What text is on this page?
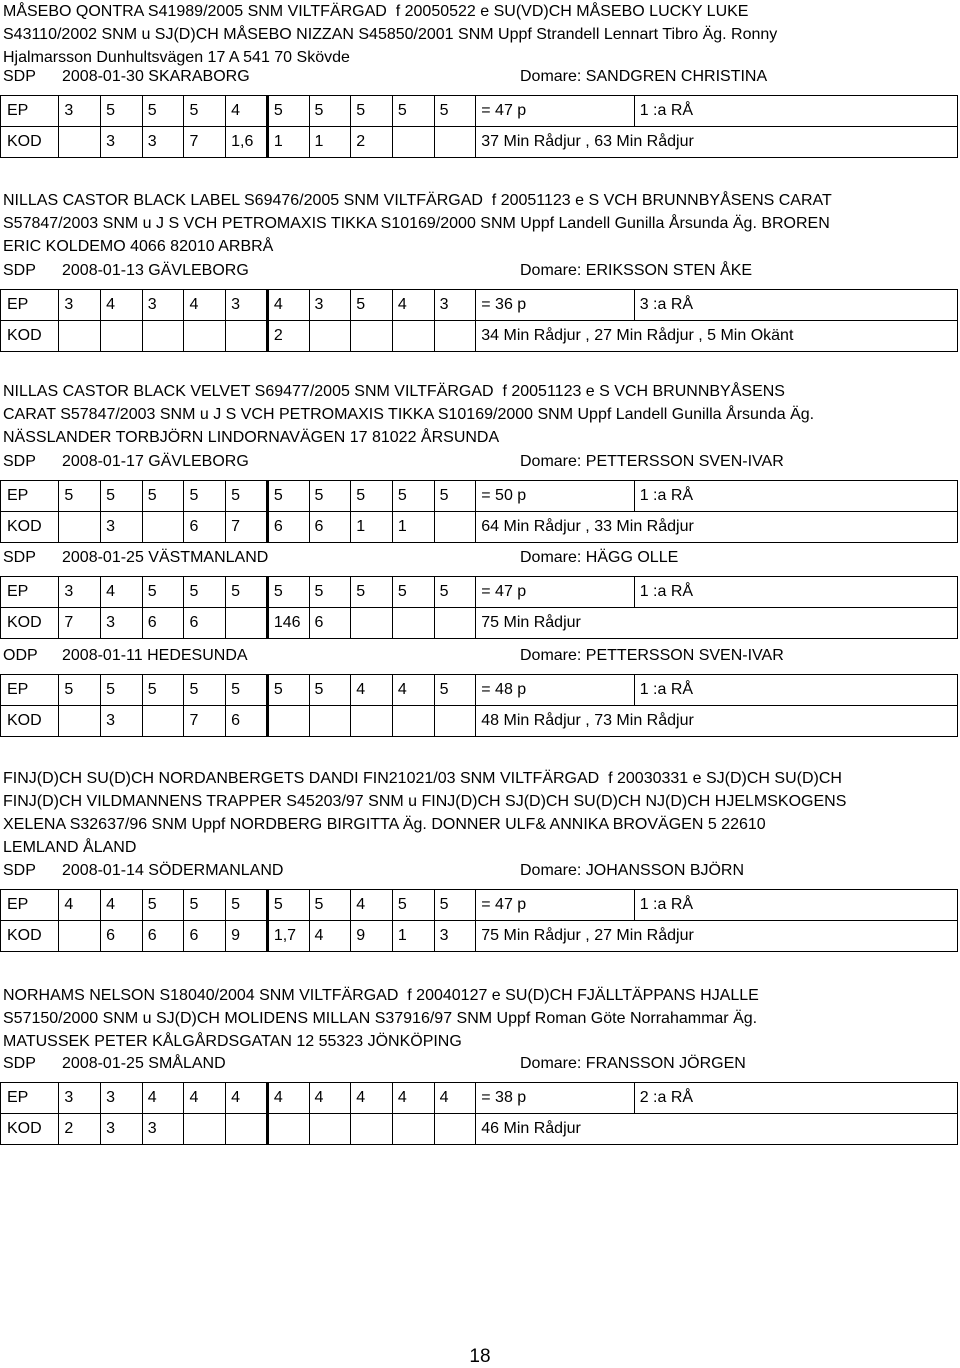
MÅSEBO QONTRA S41989/2005 SNM VILTFÄRGAD  f 20050522 e SU(VD)CH MÅSEBO LUCKY LUKE
S43110/2002 SNM u SJ(D)CH MÅSEBO NIZZAN S45850/2001 SNM Uppf Strandell Lennart Tibro Äg. Ronny
Hjalmarsson Dunhultsvägen 17 A 541 70 Skövde
SDP 2008-01-30 SKARABORG	Domare: SANDGREN CHRISTINA
EP	3	5	5	5	4	5	5	5	5	5	= 47 p	1 :a RÅ
KOD		3	3	7	1,6	1	1	2			37 Min Rådjur , 63 Min Rådjur	
NILLAS CASTOR BLACK LABEL S69476/2005 SNM VILTFÄRGAD  f 20051123 e S VCH BRUNNBYÅSENS CARAT
S57847/2003 SNM u J S VCH PETROMAXIS TIKKA S10169/2000 SNM Uppf Landell Gunilla Årsunda Äg. BROREN
ERIC KOLDEMO 4066 82010 ARBRÅ
SDP 2008-01-13 GÄVLEBORG	Domare: ERIKSSON STEN ÅKE
EP	3	4	3	4	3	4	3	5	4	3	= 36 p	3 :a RÅ
KOD						2					34 Min Rådjur , 27 Min Rådjur , 5 Min Okänt	
NILLAS CASTOR BLACK VELVET S69477/2005 SNM VILTFÄRGAD  f 20051123 e S VCH BRUNNBYÅSENS
CARAT S57847/2003 SNM u J S VCH PETROMAXIS TIKKA S10169/2000 SNM Uppf Landell Gunilla Årsunda Äg.
NÄSSLANDER TORBJÖRN LINDORNAVÄGEN 17 81022 ÅRSUNDA
SDP 2008-01-17 GÄVLEBORG	Domare: PETTERSSON SVEN-IVAR
EP	5	5	5	5	5	5	5	5	5	5	= 50 p	1 :a RÅ
KOD		3		6	7	6	6	1	1		64 Min Rådjur , 33 Min Rådjur	
SDP 2008-01-25 VÄSTMANLAND	Domare: HÄGG OLLE
EP	3	4	5	5	5	5	5	5	5	5	= 47 p	1 :a RÅ
KOD	7	3	6	6		146	6				75 Min Rådjur	
ODP 2008-01-11 HEDESUNDA	Domare: PETTERSSON SVEN-IVAR
EP	5	5	5	5	5	5	5	4	4	5	= 48 p	1 :a RÅ
KOD		3		7	6						48 Min Rådjur , 73 Min Rådjur	
FINJ(D)CH SU(D)CH NORDANBERGETS DANDI FIN21021/03 SNM VILTFÄRGAD  f 20030331 e SJ(D)CH SU(D)CH
FINJ(D)CH VILDMANNENS TRAPPER S45203/97 SNM u FINJ(D)CH SJ(D)CH SU(D)CH NJ(D)CH HJELMSKOGENS
XELENA S32637/96 SNM Uppf NORDBERG BIRGITTA Äg. DONNER ULF& ANNIKA BROVÄGEN 5 22610
LEMLAND ÅLAND
SDP 2008-01-14 SÖDERMANLAND	Domare: JOHANSSON BJÖRN
EP	4	4	5	5	5	5	5	4	5	5	= 47 p	1 :a RÅ
KOD		6	6	6	9	1,7	4	9	1	3	75 Min Rådjur , 27 Min Rådjur	
NORHAMS NELSON S18040/2004 SNM VILTFÄRGAD  f 20040127 e SU(D)CH FJÄLLTÄPPANS HJALLE
S57150/2000 SNM u SJ(D)CH MOLIDENS MILLAN S37916/97 SNM Uppf Roman Göte Norrahammar Äg.
MATUSSEK PETER KÅLGÅRDSGATAN 12 55323 JÖNKÖPING
SDP 2008-01-25 SMÅLAND	Domare: FRANSSON JÖRGEN
EP	3	3	4	4	4	4	4	4	4	4	= 38 p	2 :a RÅ
KOD	2	3	3								46 Min Rådjur	
18
